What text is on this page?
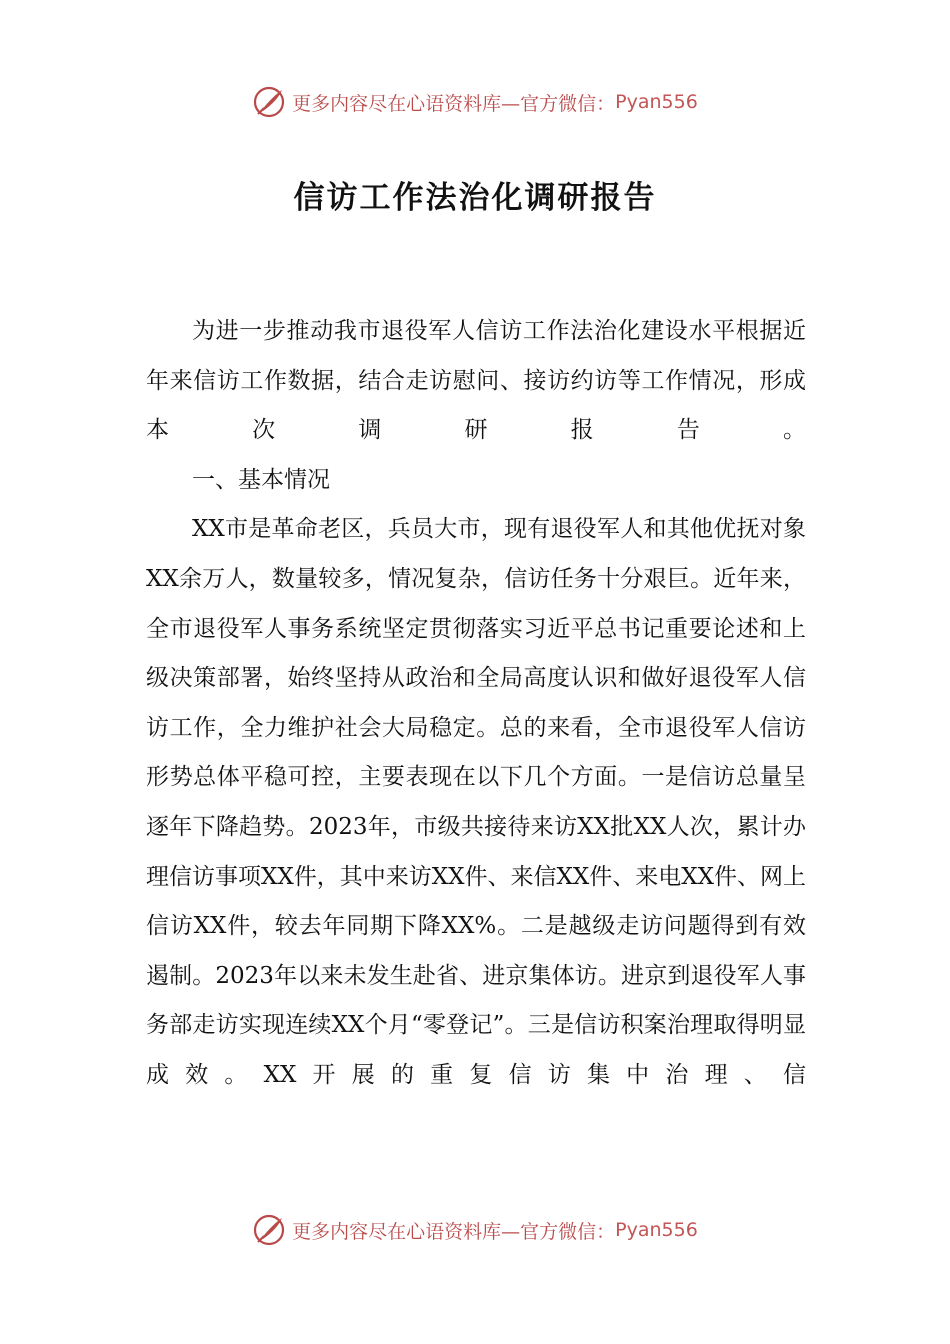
更多内容尽在心语资料库—官方微信： Pyan556
信访工作法治化调研报告

为进一步推动我市退役军人信访工作法治化建设水平根据近年来信访工作数据，结合走访慰问、接访约访等工作情况，形成本次调研报告。

一、基本情况

XX市是革命老区，兵员大市，现有退役军人和其他优抚对象XX余万人，数量较多，情况复杂，信访任务十分艰巨。近年来，全市退役军人事务系统坚定贯彻落实习近平总书记重要论述和上级决策部署，始终坚持从政治和全局高度认识和做好退役军人信访工作，全力维护社会大局稳定。总的来看，全市退役军人信访形势总体平稳可控，主要表现在以下几个方面。一是信访总量呈逐年下降趋势。2023年，市级共接待来访XX批XX人次，累计办理信访事项XX件，其中来访XX件、来信XX件、来电XX件、网上信访XX件，较去年同期下降XX%。二是越级走访问题得到有效遏制。2023年以来未发生赴省、进京集体访。进京到退役军人事务部走访实现连续XX个月“零登记”。三是信访积案治理取得明显成效。XX开展的重复信访集中治理、信

更多内容尽在心语资料库—官方微信： Pyan556
